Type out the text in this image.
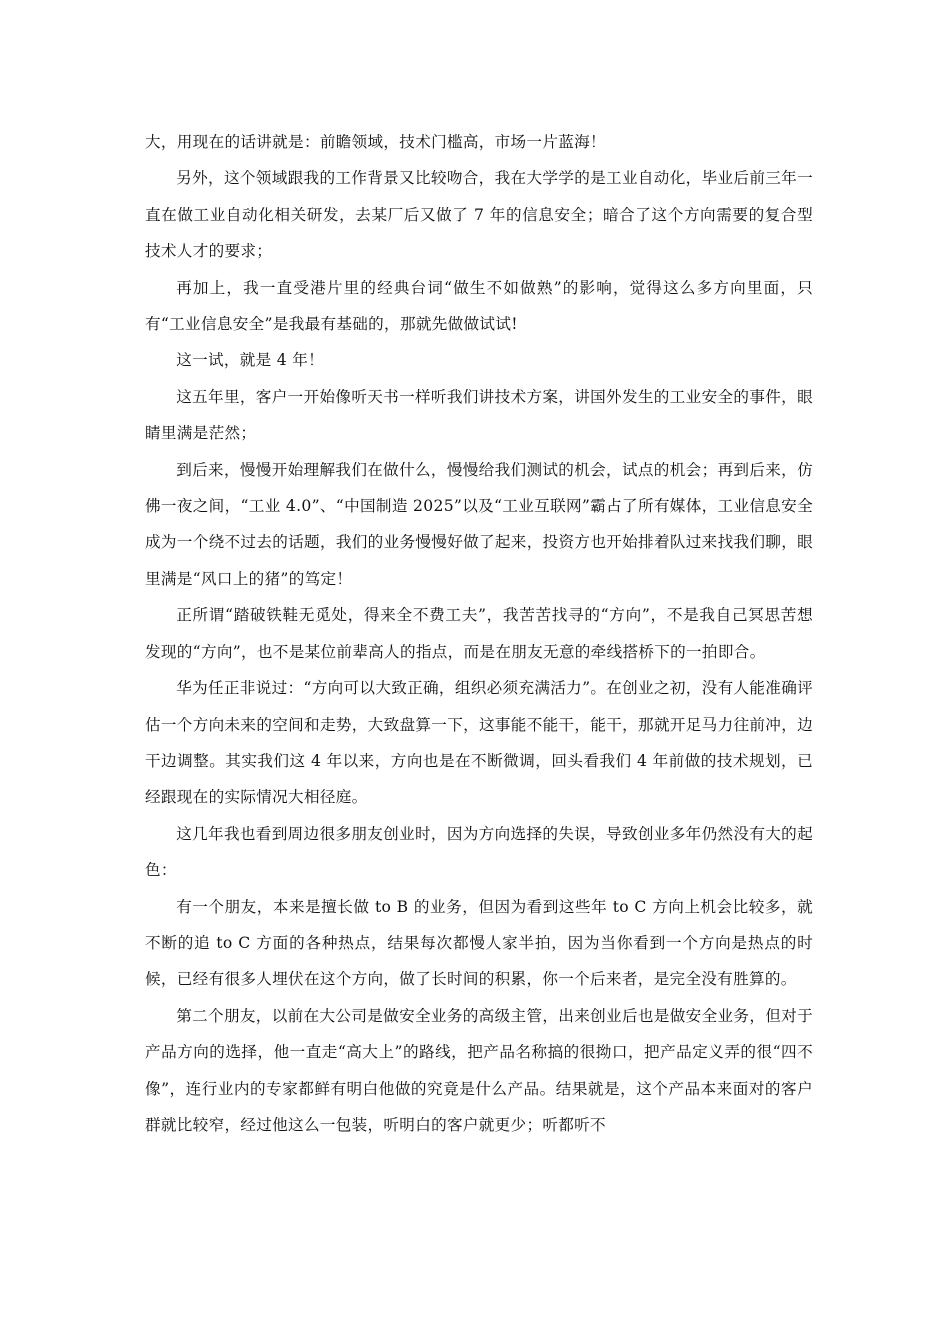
大，用现在的话讲就是：前瞻领域，技术门槛高，市场一片蓝海！

另外，这个领域跟我的工作背景又比较吻合，我在大学学的是工业自动化，毕业后前三年一直在做工业自动化相关研发，去某厂后又做了 7 年的信息安全；暗合了这个方向需要的复合型技术人才的要求；

再加上，我一直受港片里的经典台词“做生不如做熟”的影响，觉得这么多方向里面，只有“工业信息安全”是我最有基础的，那就先做做试试!

这一试，就是 4 年！

这五年里，客户一开始像听天书一样听我们讲技术方案，讲国外发生的工业安全的事件，眼睛里满是茫然；

到后来，慢慢开始理解我们在做什么，慢慢给我们测试的机会，试点的机会；再到后来，仿佛一夜之间，“工业 4.0”、“中国制造 2025”以及“工业互联网”霸占了所有媒体，工业信息安全成为一个绕不过去的话题，我们的业务慢慢好做了起来，投资方也开始排着队过来找我们聊，眼里满是“风口上的猪”的笃定！

正所谓“踏破铁鞋无觅处，得来全不费工夫”，我苦苦找寻的“方向”，不是我自己冥思苦想发现的“方向”，也不是某位前辈高人的指点，而是在朋友无意的牵线搭桥下的一拍即合。

华为任正非说过：“方向可以大致正确，组织必须充满活力”。在创业之初，没有人能准确评估一个方向未来的空间和走势，大致盘算一下，这事能不能干，能干，那就开足马力往前冲，边干边调整。其实我们这 4 年以来，方向也是在不断微调，回头看我们 4 年前做的技术规划，已经跟现在的实际情况大相径庭。

这几年我也看到周边很多朋友创业时，因为方向选择的失误，导致创业多年仍然没有大的起色：

有一个朋友，本来是擅长做 to B 的业务，但因为看到这些年 to C 方向上机会比较多，就不断的追 to C 方面的各种热点，结果每次都慢人家半拍，因为当你看到一个方向是热点的时候，已经有很多人埋伏在这个方向，做了长时间的积累，你一个后来者，是完全没有胜算的。

第二个朋友，以前在大公司是做安全业务的高级主管，出来创业后也是做安全业务，但对于产品方向的选择，他一直走“高大上”的路线，把产品名称搞的很拗口，把产品定义弄的很“四不像”，连行业内的专家都鲜有明白他做的究竟是什么产品。结果就是，这个产品本来面对的客户群就比较窄，经过他这么一包装，听明白的客户就更少；听都听不
